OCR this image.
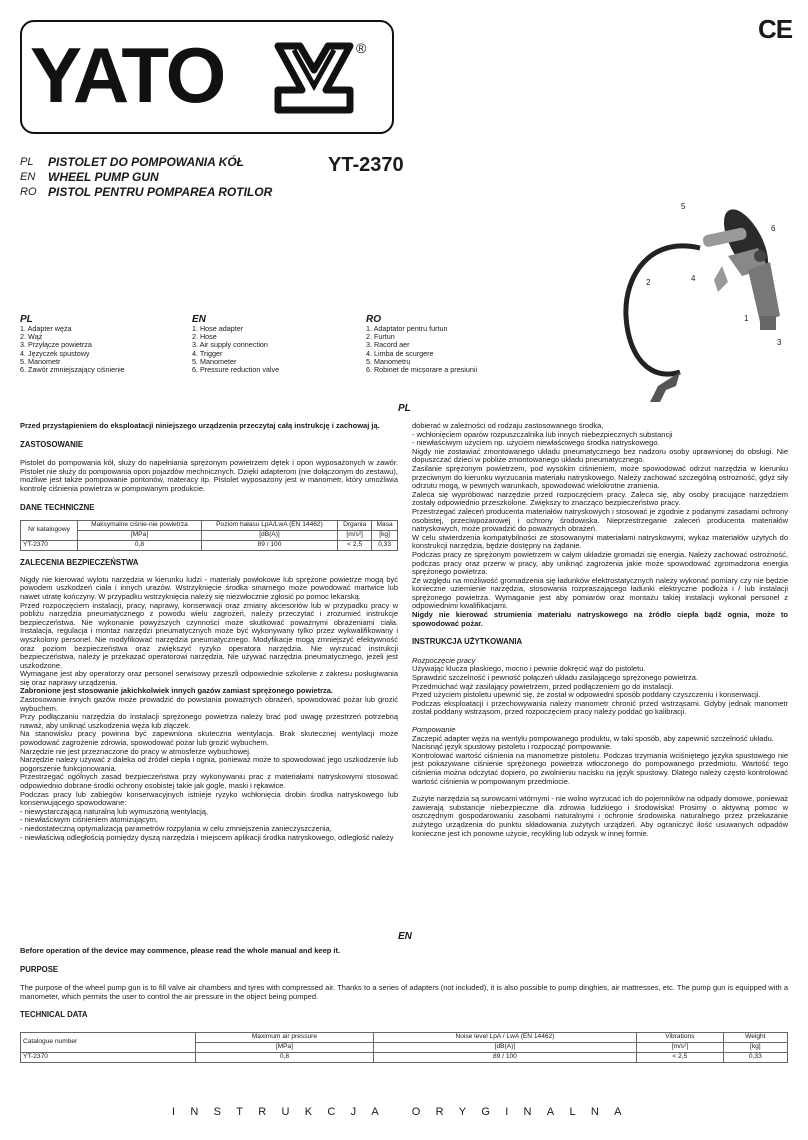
YATO	®
CE
PL
EN
RO
PISTOLET DO POMPOWANIA KÓŁ
WHEEL PUMP GUN
PISTOL PENTRU POMPAREA ROTILOR
YT-2370
5
6
4
2
1
3
PL
1. Adapter węża
2. Wąż
3. Przyłącze powietrza
4. Języczek spustowy
5. Manometr
6. Zawór zmniejszający ciśnienie
EN
1. Hose adapter
2. Hose
3. Air supply connection
4. Trigger
5. Manometer
6. Pressure reduction valve
RO
1. Adaptator pentru furtun
2. Furtun
3. Racord aer
4. Limba de scurgere
5. Manometru
6. Robinet de micșorare a presiunii
PL

Przed przystąpieniem do eksploatacji niniejszego urządzenia przeczytaj całą instrukcję i zachowaj ją.

ZASTOSOWANIE

Pistolet do pompowania kół, służy do napełniania sprężonym powietrzem dętek i opon wyposażonych w zawór. Pistolet nie służy do pompowania opon pojazdów mechnicznych. Dzięki adapterom (nie dołączonym do zestawu), możliwe jest także pompowanie pontonów, materacy itp. Pistolet wyposażony jest w manometr, który umożliwia kontrolę ciśnienia powietrza w pompowanym produkcie.

DANE TECHNICZNE

Nr katalogowy	Maksymalne ciśnie-nie powietrza	Poziom hałasu LpA/LwA (EN 14462)	Drgania	Masa
	[MPa]	[dB(A)]	[m/s²]	[kg]
YT-2370	0,8	89 / 100	< 2,5	0,33

ZALECENIA BEZPIECZEŃSTWA

Nigdy nie kierować wylotu narzędzia w kierunku ludzi - materiały powłokowe lub sprężone powietrze mogą być powodem uszkodzeń ciała i innych urazów. Wstrzyknięcie środka smarnego może powodować martwice lub nawet utratę kończyny. W przypadku wstrzyknięcia należy się niezwłocznie zgłosić po pomoc lekarską.

Przed rozpoczęciem instalacji, pracy, naprawy, konserwacji oraz zmiany akcesoriów lub w przypadku pracy w pobliżu narzędzia pneumatycznego z powodu wielu zagrożeń, należy przeczytać i zrozumieć instrukcje bezpieczeństwa. Nie wykonanie powyższych czynności może skutkować poważnymi obrażeniami ciała. Instalacja, regulacja i montaż narzędzi pneumatycznych może być wykonywany tylko przez wykwalifikowany i wyszkolony personel. Nie modyfikować narzędzia pneumatycznego. Modyfikacje mogą zmniejszyć efektywność oraz poziom bezpieczeństwa oraz zwiększyć ryzyko operatora narzędzia. Nie wyrzucać instrukcji bezpieczeństwa, należy je przekazać operatorowi narzędzia. Nie używać narzędzia pneumatycznego, jeżeli jest uszkodzone.

Wymagane jest aby operatorzy oraz personel serwisowy przeszli odpowiednie szkolenie z zakresu posługiwania się oraz naprawy urządzenia.

Zabronione jest stosowanie jakichkolwiek innych gazów zamiast sprężonego powietrza.

Zastosowanie innych gazów może prowadzić do powstania poważnych obrażeń, spowodować pożar lub grozić wybuchem.

Przy podłączaniu narzędzia do instalacji sprężonego powietrza należy brać pod uwagę przestrzeń potrzebną naważ, aby uniknąć uszkodzenia węża lub złączek.

Na stanowisku pracy powinna być zapewniona skuteczna wentylacja. Brak skutecznej wentylacji może powodować zagrożenie zdrowia, spowodować pożar lub grozić wybuchem.

Narzędzie nie jest przeznaczone do pracy w atmosferze wybuchowej.

Narzędzie należy używać z daleka od źródeł ciepła i ognia, ponieważ może to spowodować jego uszkodzenie lub pogorszenie funkcjonowania.

Przestrzegać ogólnych zasad bezpieczeństwa przy wykonywaniu prac z materiałami natryskowymi stosować odpowiednio dobrane środki ochrony osobistej takie jak gogle, maski i rękawice.

Podczas pracy lub zabiegów konserwacyjnych istnieje ryzyko wchłonięcia drobin środka natryskowego lub konserwującego spowodowane:

- niewystarczającą naturalną lub wymuszoną wentylacją,

- niewłaściwym ciśnieniem atomizującym,

- niedostateczną optymalizacją parametrów rozpylania w celu zmniejszenia zanieczyszczenia,

- niewłaściwą odległością pomiędzy dyszą narzędzia i miejscem aplikacji środka natryskowego, odległość należy

dobierać w zależności od rodzaju zastosowanego środka,

- wchłonięciem oparów rozpuszczalnika lub innych niebezpiecznych substancji

- niewłaściwym użyciem np. użyciem niewłaściwego środka natryskowego.

Nigdy nie zostawiać zmontowanego układu pneumatycznego bez nadzoru osoby uprawnionej do obsługi. Nie dopuszczać dzieci w pobliże zmontowanego układu pneumatycznego.

Zasilanie sprężonym powietrzem, pod wysokim ciśnieniem, może spowodować odrzut narzędzia w kierunku przeciwnym do kierunku wyrzucania materiału natryskowego. Należy zachować szczególną ostrożność, gdyż siły odrzutu mogą, w pewnych warunkach, spowodować wielokrotne zranienia.

Zaleca się wypróbować narzędzie przed rozpoczęciem pracy. Zaleca się, aby osoby pracujące narzędziem zostały odpowiednio przeszkolone. Zwiększy to znacząco bezpieczeństwo pracy.

Przestrzegać zaleceń producenta materiałów natryskowych i stosować je zgodnie z podanymi zasadami ochrony osobistej, przeciwpożarowej i ochrony środowiska. Nieprzestrzeganie zaleceń producenta materiałów natryskowych, może prowadzić do poważnych obrażeń.

W celu stwierdzenia kompatybilności ze stosowanymi materiałami natryskowymi, wykaz materiałów użytych do konstrukcji narzędzia, będzie dostępny na żądanie.

Podczas pracy ze sprężonym powietrzem w całym układzie gromadzi się energia. Należy zachować ostrożność, podczas pracy oraz przerw w pracy, aby uniknąć zagrożenia jakie może spowodować zgromadzona energia sprężonego powietrza.

Ze względu na możliwość gromadzenia się ładunków elektrostatycznych należy wykonać pomiary czy nie będzie konieczne uziemienie narzędzia, stosowania rozpraszającego ładunki elektryczne podłoża i / lub instalacji sprężonego powietrza. Wymaganie jest aby pomiarów oraz montażu takiej instalacji wykonał personel z odpowiednimi kwalifikacjami.

Nigdy nie kierować strumienia materiału natryskowego na źródło ciepła bądź ognia, może to spowodować pożar.

INSTRUKCJA UŻYTKOWANIA

Rozpoczęcie pracy

Używając klucza płaskiego, mocno i pewnie dokręcić wąż do pistoletu.

Sprawdzić szczelność i pewność połączeń układu zasilającego sprężonego powietrza.

Przedmuchać wąż zasilający powietrzem, przed podłączeniem go do instalacji.

Przed użyciem pistoletu upewnić się, że został w odpowiedni sposób poddany czyszczeniu i konserwacji.

Podczas eksploatacji i przechowywania należy manometr chronić przed wstrząsami. Gdyby jednak manometr został poddany wstrząsom, przed rozpoczęciem pracy należy poddać go kalibracji.

Pompowanie

Zaczepić adapter węża na wentylu pompowanego produktu, w taki sposób, aby zapewnić szczelność układu.

Nacisnąć język spustowy pistoletu i rozpocząć pompowanie.

Kontrolować wartość ciśnienia na manometrze pistoletu. Podczas trzymania wciśniętego języka spustowego nie jest pokazywane ciśnienie sprężonego powietrza wtłoczonego do pompowanego przedmiotu. Wartość tego ciśnienia można odczytać dopiero, po zwolnieniu nacisku na język spustowy. Dlatego należy często kontrolować wartość ciśnienia w pompowanym przedmiocie.

Zużyte narzędzia są surowcami wtórnymi - nie wolno wyrzucać ich do pojemników na odpady domowe, ponieważ zawierają substancje niebezpieczne dla zdrowia ludzkiego i środowiska! Prosimy o aktywną pomoc w oszczędnym gospodarowaniu zasobami naturalnymi i ochronie środowiska naturalnego przez przekazanie zużytego urządzenia do punktu składowania zużytych urządzeń. Aby ograniczyć ilość usuwanych odpadów konieczne jest ich ponowne użycie, recykling lub odzysk w innej formie.

EN

Before operation of the device may commence, please read the whole manual and keep it.

PURPOSE

The purpose of the wheel pump gun is to fill valve air chambers and tyres with compressed air. Thanks to a series of adapters (not included), it is also possible to pump dinghies, air mattresses, etc. The pump gun is equipped with a manometer, which permits the user to control the air pressure in the object being pumped.

TECHNICAL DATA

Catalogue number	Maximum air pressure	Noise level LpA / LwA (EN 14462)	Vibrations	Weight
	[MPa]	[dB(A)]	[m/s²]	[kg]
YT-2370	0,8	89 / 100	< 2,5	0,33
INSTRUKCJA ORYGINALNA
